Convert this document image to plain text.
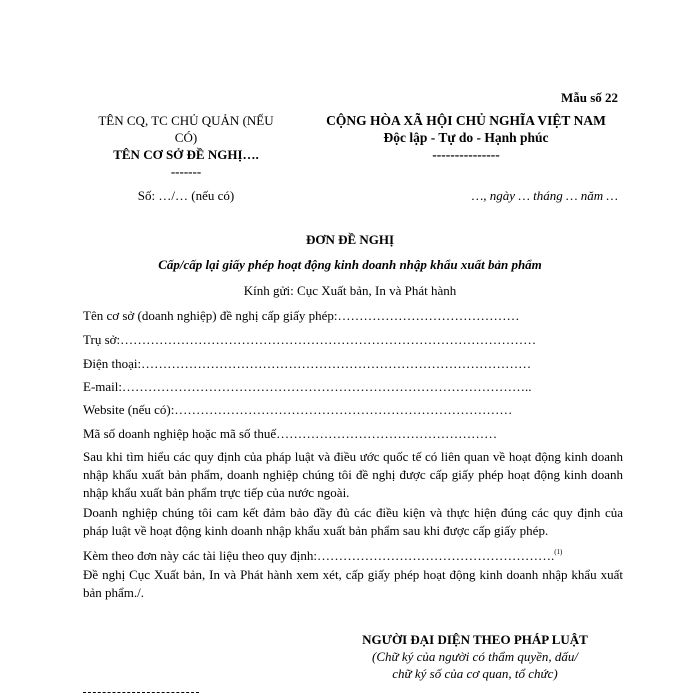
Mẫu số 22
TÊN CQ, TC CHỦ QUẢN (NẾU CÓ)
TÊN CƠ SỞ ĐỀ NGHỊ….
-------
CỘNG HÒA XÃ HỘI CHỦ NGHĨA VIỆT NAM
Độc lập - Tự do - Hạnh phúc
---------------
Số: …/… (nếu có)	…, ngày … tháng … năm …
ĐƠN ĐỀ NGHỊ
Cấp/cấp lại giấy phép hoạt động kinh doanh nhập khẩu xuất bản phẩm
Kính gửi: Cục Xuất bản, In và Phát hành
Tên cơ sở (doanh nghiệp) đề nghị cấp giấy phép:……………………………………
Trụ sở:……………………………………………………………………………………
Điện thoại:………………………………………………………………………………
E-mail:…………………………………………………………………………………..
Website (nếu có):……………………………………………………………………
Mã số doanh nghiệp hoặc mã số thuế……………………………………………
Sau khi tìm hiểu các quy định của pháp luật và điều ước quốc tế có liên quan về hoạt động kinh doanh nhập khẩu xuất bản phẩm, doanh nghiệp chúng tôi đề nghị được cấp giấy phép hoạt động kinh doanh nhập khẩu xuất bản phẩm trực tiếp của nước ngoài.
Doanh nghiệp chúng tôi cam kết đảm bảo đầy đủ các điều kiện và thực hiện đúng các quy định của pháp luật về hoạt động kinh doanh nhập khẩu xuất bản phẩm sau khi được cấp giấy phép.
Kèm theo đơn này các tài liệu theo quy định:……………………………………………….$^{(1)}$
Đề nghị Cục Xuất bản, In và Phát hành xem xét, cấp giấy phép hoạt động kinh doanh nhập khẩu xuất bản phẩm./.
NGƯỜI ĐẠI DIỆN THEO PHÁP LUẬT
(Chữ ký của người có thẩm quyền, dấu/
chữ ký số của cơ quan, tổ chức)
